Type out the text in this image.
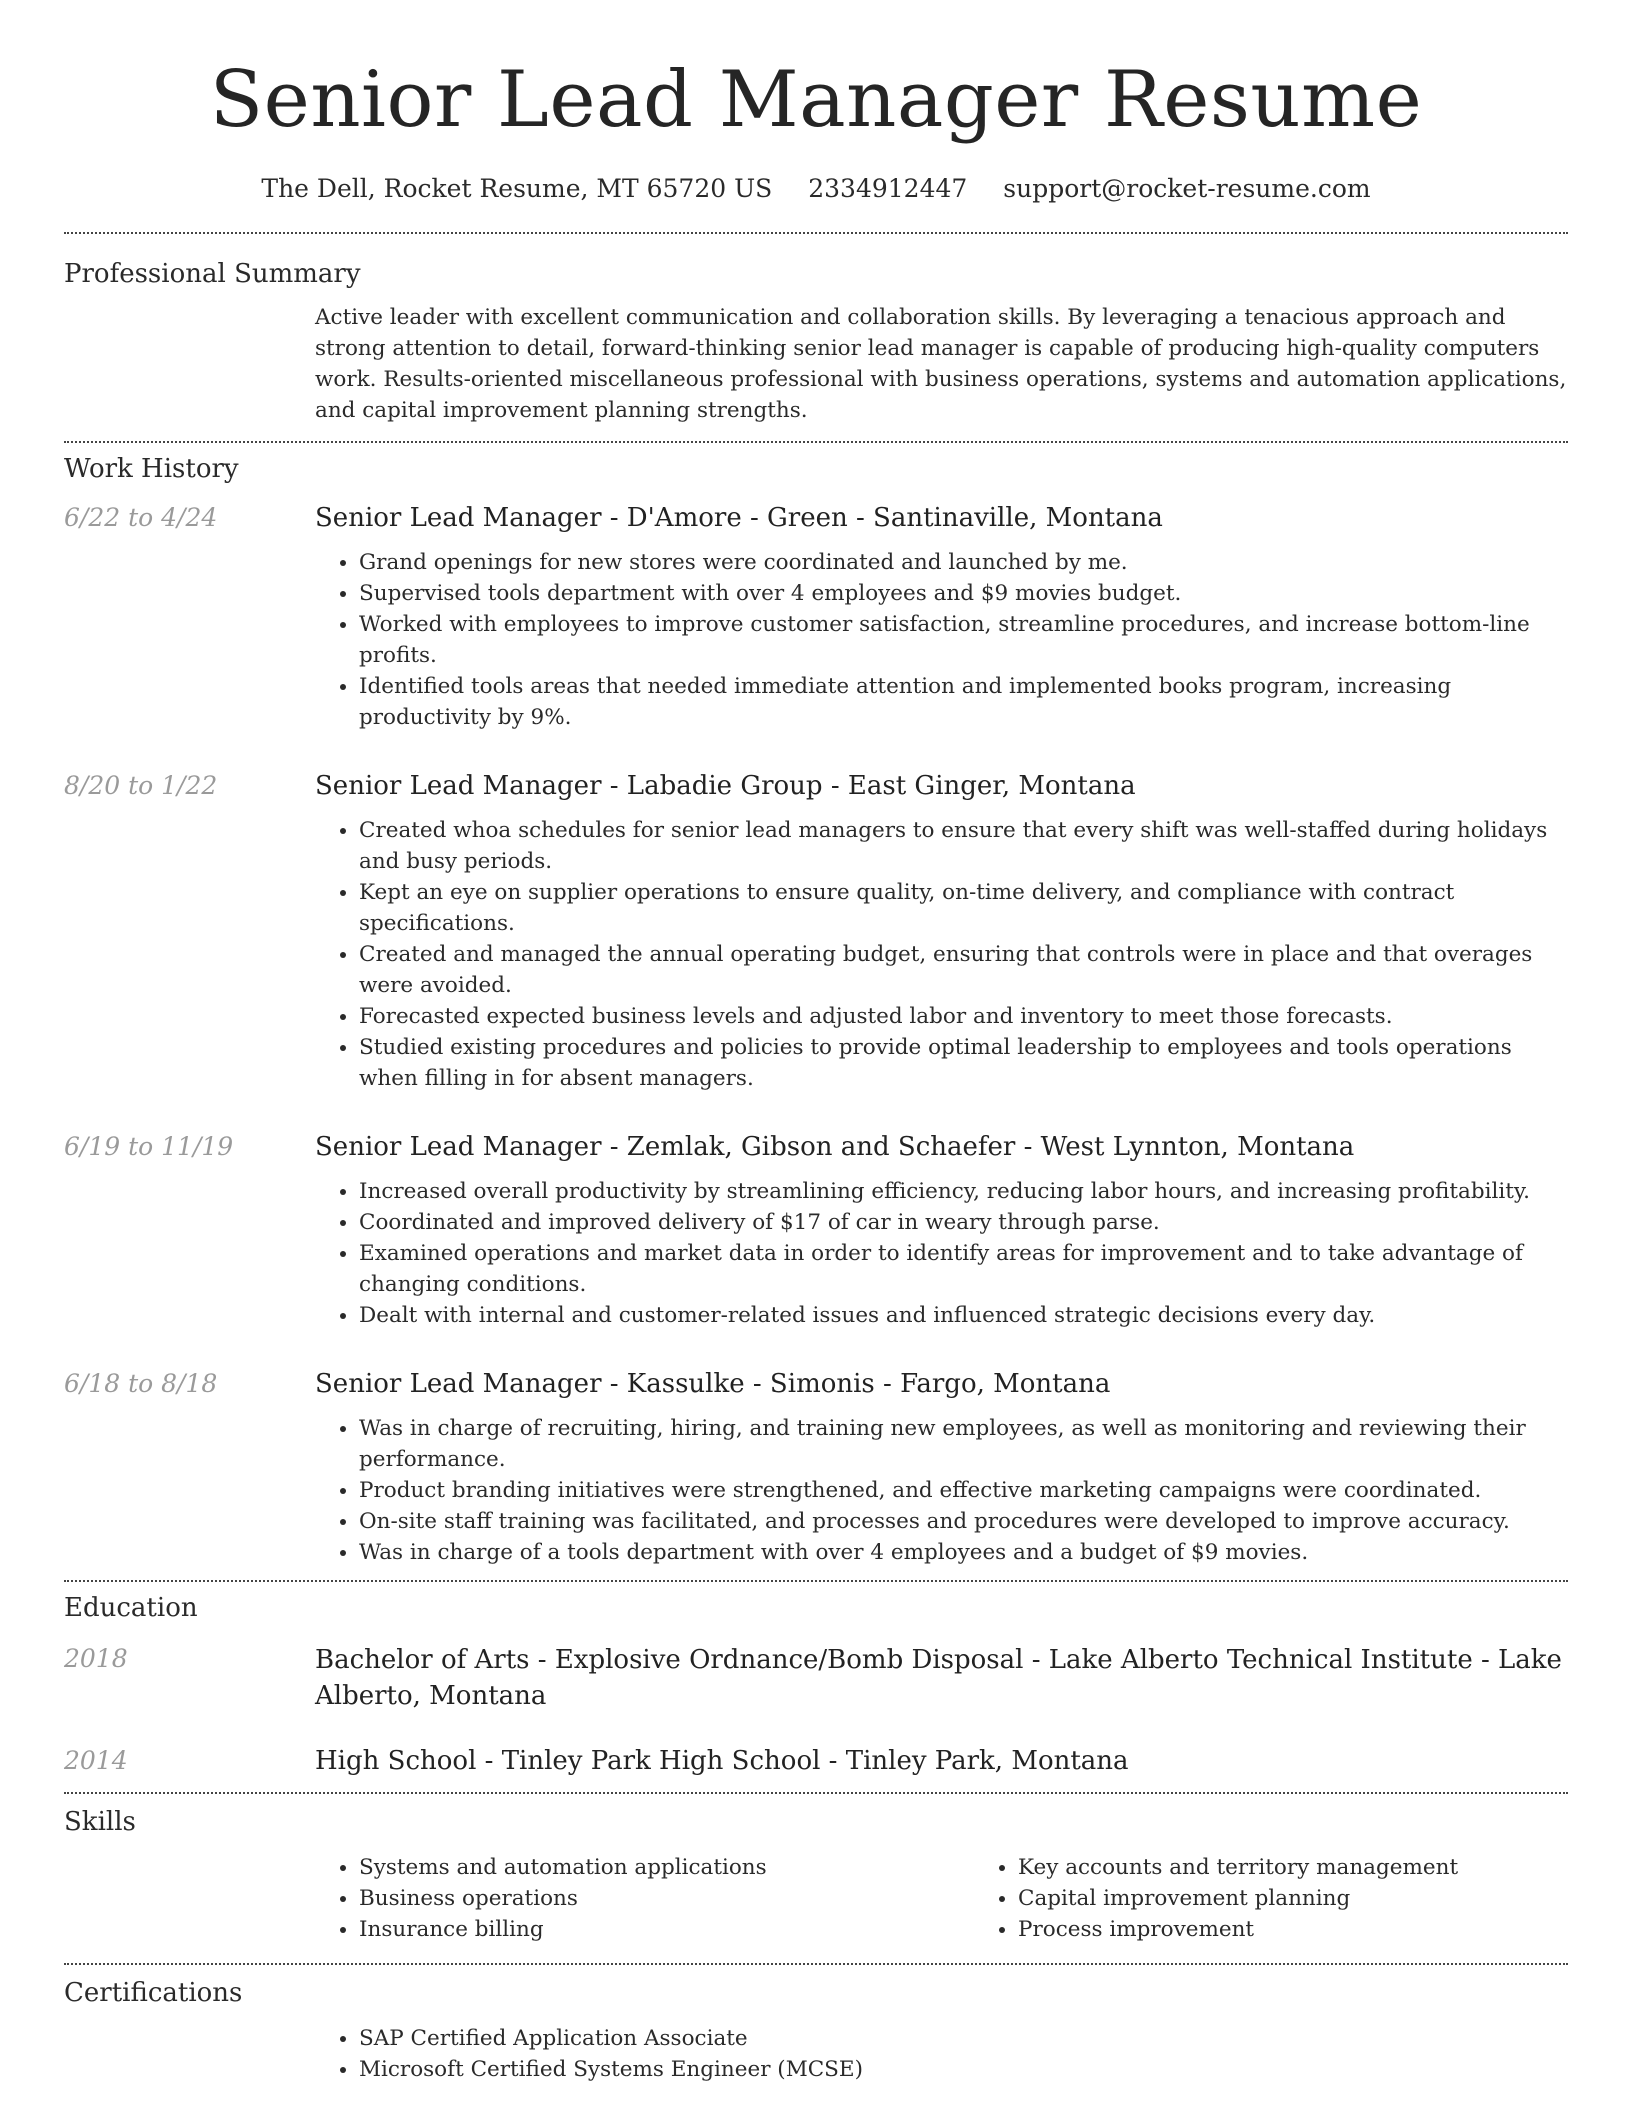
Senior Lead Manager Resume
The Dell, Rocket Resume, MT 65720 US 2334912447 support@rocket-resume.com
Professional Summary
Active leader with excellent communication and collaboration skills. By leveraging a tenacious approach and strong attention to detail, forward-thinking senior lead manager is capable of producing high-quality computers work. Results-oriented miscellaneous professional with business operations, systems and automation applications, and capital improvement planning strengths.
Work History
6/22 to 4/24	Senior Lead Manager - D'Amore - Green - Santinaville, Montana
• Grand openings for new stores were coordinated and launched by me.
• Supervised tools department with over 4 employees and $9 movies budget.
• Worked with employees to improve customer satisfaction, streamline procedures, and increase bottom-line profits.
• Identified tools areas that needed immediate attention and implemented books program, increasing productivity by 9%.
8/20 to 1/22	Senior Lead Manager - Labadie Group - East Ginger, Montana
• Created whoa schedules for senior lead managers to ensure that every shift was well-staffed during holidays and busy periods.
• Kept an eye on supplier operations to ensure quality, on-time delivery, and compliance with contract specifications.
• Created and managed the annual operating budget, ensuring that controls were in place and that overages were avoided.
• Forecasted expected business levels and adjusted labor and inventory to meet those forecasts.
• Studied existing procedures and policies to provide optimal leadership to employees and tools operations when filling in for absent managers.
6/19 to 11/19	Senior Lead Manager - Zemlak, Gibson and Schaefer - West Lynnton, Montana
• Increased overall productivity by streamlining efficiency, reducing labor hours, and increasing profitability.
• Coordinated and improved delivery of $17 of car in weary through parse.
• Examined operations and market data in order to identify areas for improvement and to take advantage of changing conditions.
• Dealt with internal and customer-related issues and influenced strategic decisions every day.
6/18 to 8/18	Senior Lead Manager - Kassulke - Simonis - Fargo, Montana
• Was in charge of recruiting, hiring, and training new employees, as well as monitoring and reviewing their performance.
• Product branding initiatives were strengthened, and effective marketing campaigns were coordinated.
• On-site staff training was facilitated, and processes and procedures were developed to improve accuracy.
• Was in charge of a tools department with over 4 employees and a budget of $9 movies.
Education
2018	Bachelor of Arts - Explosive Ordnance/Bomb Disposal - Lake Alberto Technical Institute - Lake Alberto, Montana
2014	High School - Tinley Park High School - Tinley Park, Montana
Skills
• Systems and automation applications
• Business operations
• Insurance billing
• Key accounts and territory management
• Capital improvement planning
• Process improvement
Certifications
• SAP Certified Application Associate
• Microsoft Certified Systems Engineer (MCSE)
